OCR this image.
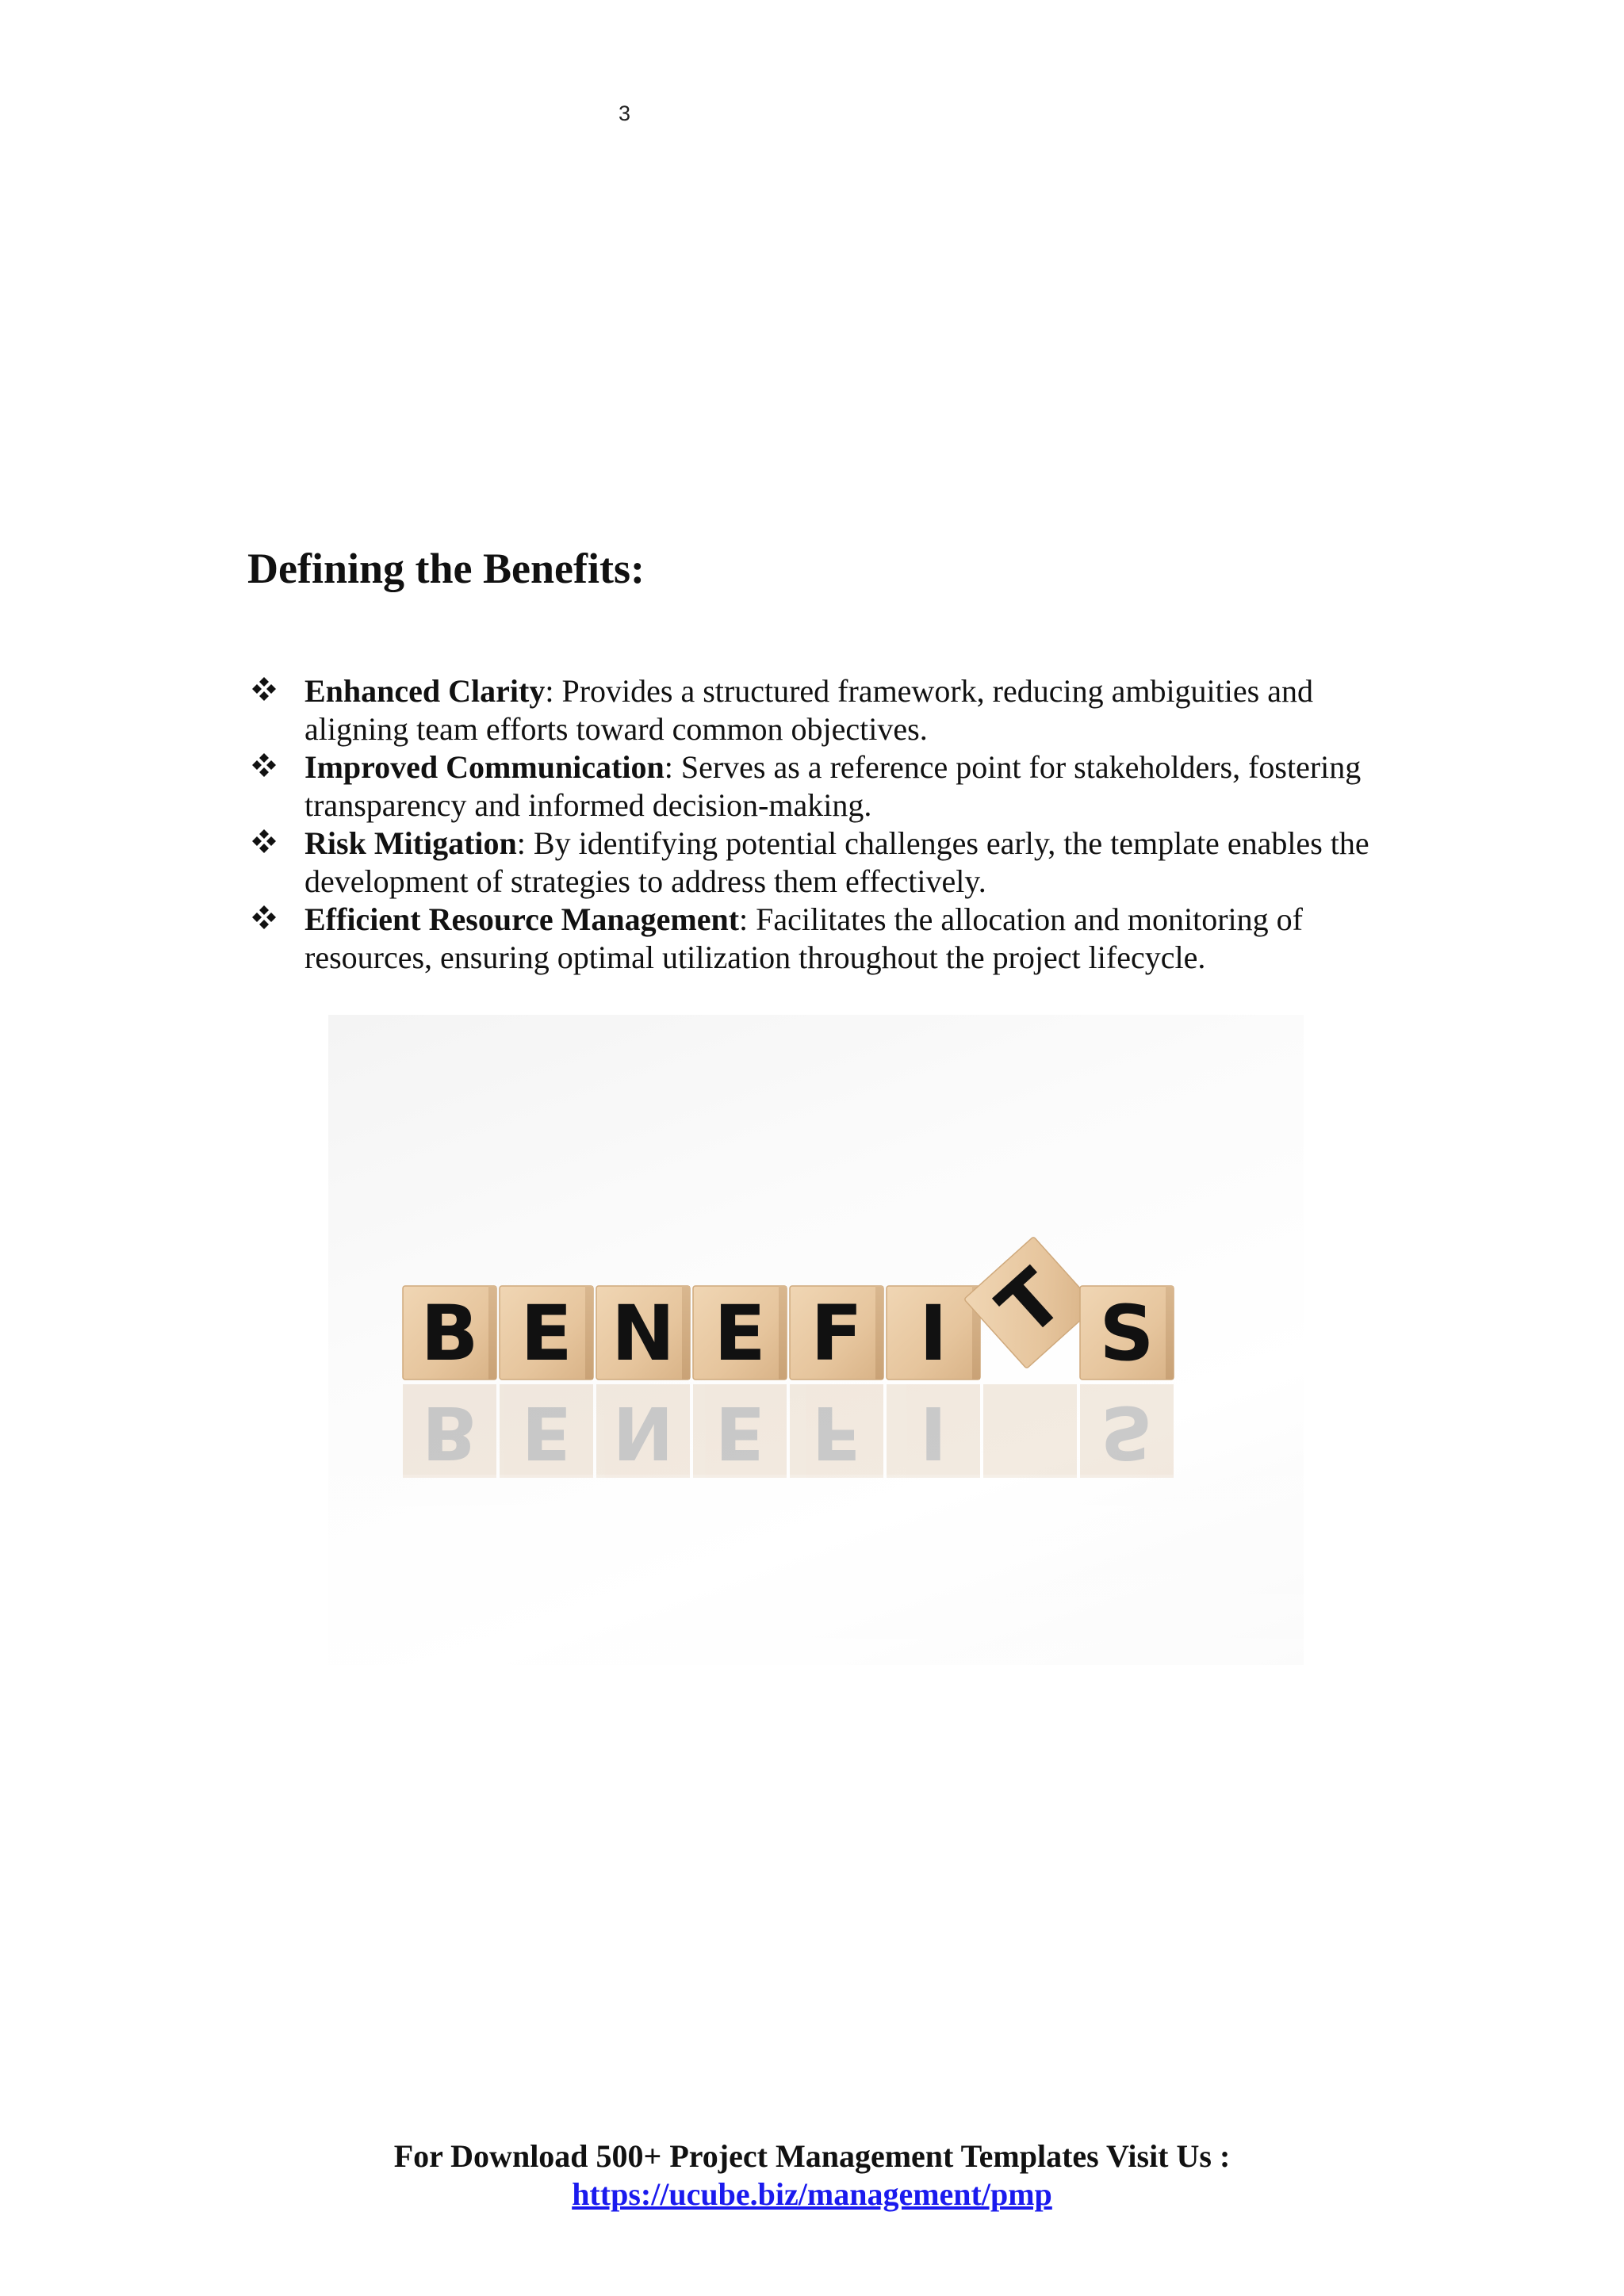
3
Defining the Benefits:
Enhanced Clarity: Provides a structured framework, reducing ambiguities and aligning team efforts toward common objectives.
Improved Communication: Serves as a reference point for stakeholders, fostering transparency and informed decision-making.
Risk Mitigation: By identifying potential challenges early, the template enables the development of strategies to address them effectively.
Efficient Resource Management: Facilitates the allocation and monitoring of resources, ensuring optimal utilization throughout the project lifecycle.
B
B
E
E
N
N
E
E
F
F
I
I T
S
S
For Download 500+ Project Management Templates Visit Us :
https://ucube.biz/management/pmp
